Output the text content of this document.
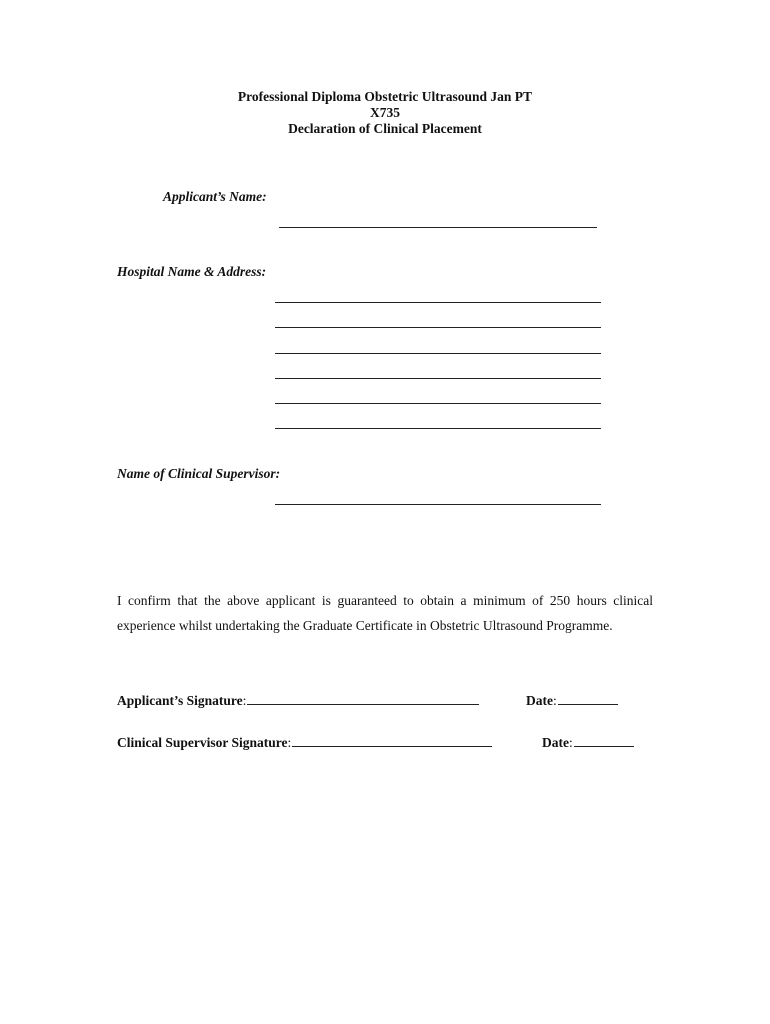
Professional Diploma Obstetric Ultrasound Jan PT
X735
Declaration of Clinical Placement
Applicant’s Name:
Hospital Name & Address:
Name of Clinical Supervisor:
I confirm that the above applicant is guaranteed to obtain a minimum of 250 hours clinical experience whilst undertaking the Graduate Certificate in Obstetric Ultrasound Programme.
Applicant’s Signature:	Date:
Clinical Supervisor Signature:	Date:
